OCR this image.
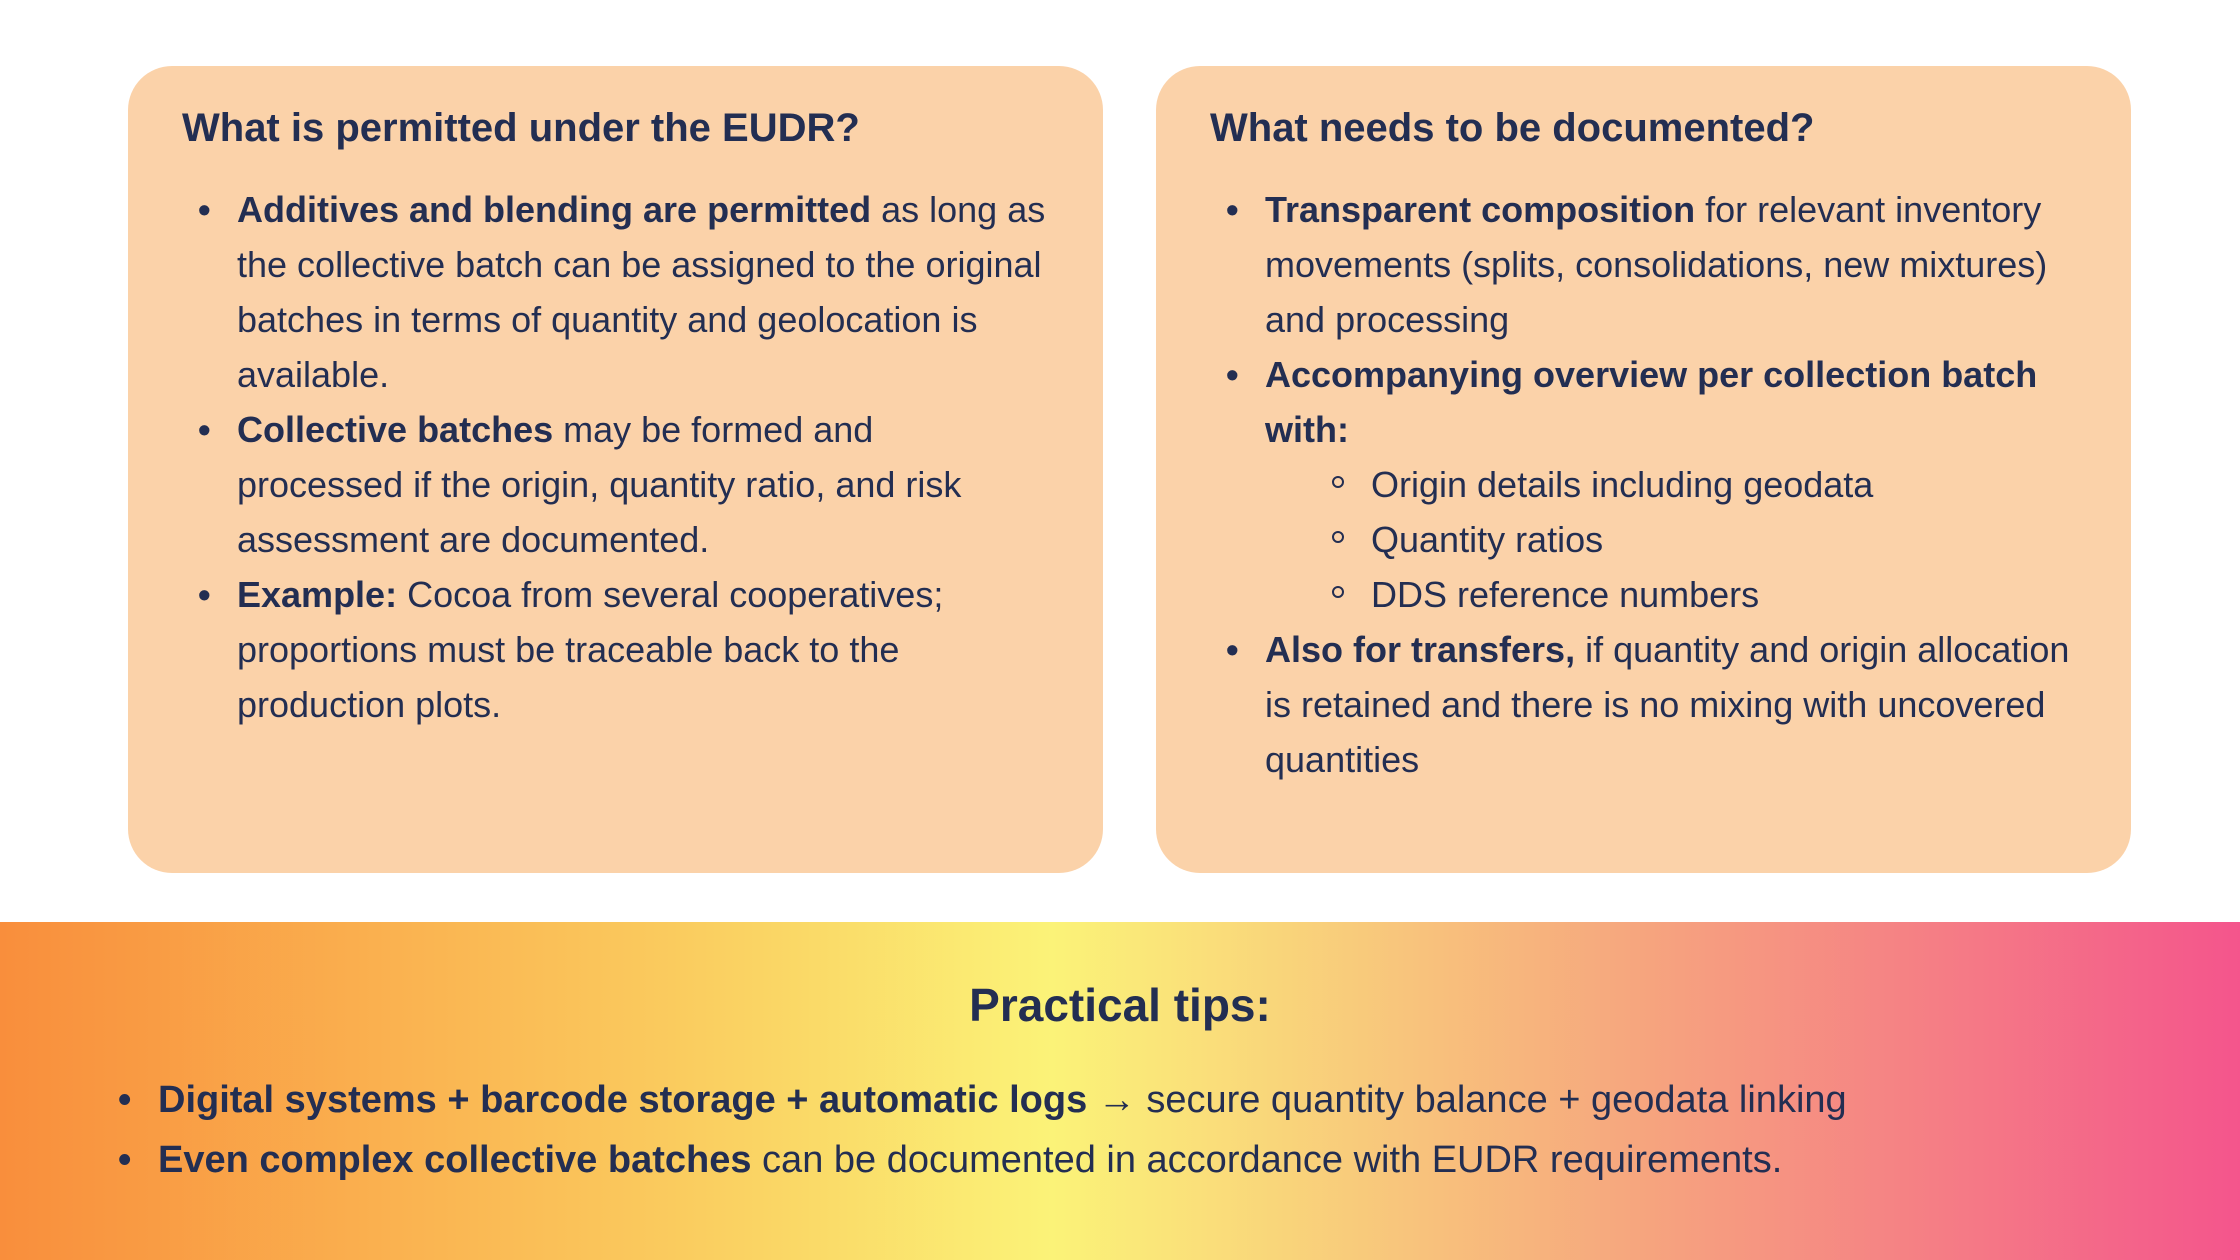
What is permitted under the EUDR?
• Additives and blending are permitted as long as the collective batch can be assigned to the original batches in terms of quantity and geolocation is available.
• Collective batches may be formed and processed if the origin, quantity ratio, and risk assessment are documented.
• Example: Cocoa from several cooperatives; proportions must be traceable back to the production plots.
What needs to be documented?
• Transparent composition for relevant inventory movements (splits, consolidations, new mixtures) and processing
• Accompanying overview per collection batch with:
Origin details including geodata
Quantity ratios
DDS reference numbers
• Also for transfers, if quantity and origin allocation is retained and there is no mixing with uncovered quantities
Practical tips:
• Digital systems + barcode storage + automatic logs → secure quantity balance + geodata linking
• Even complex collective batches can be documented in accordance with EUDR requirements.
